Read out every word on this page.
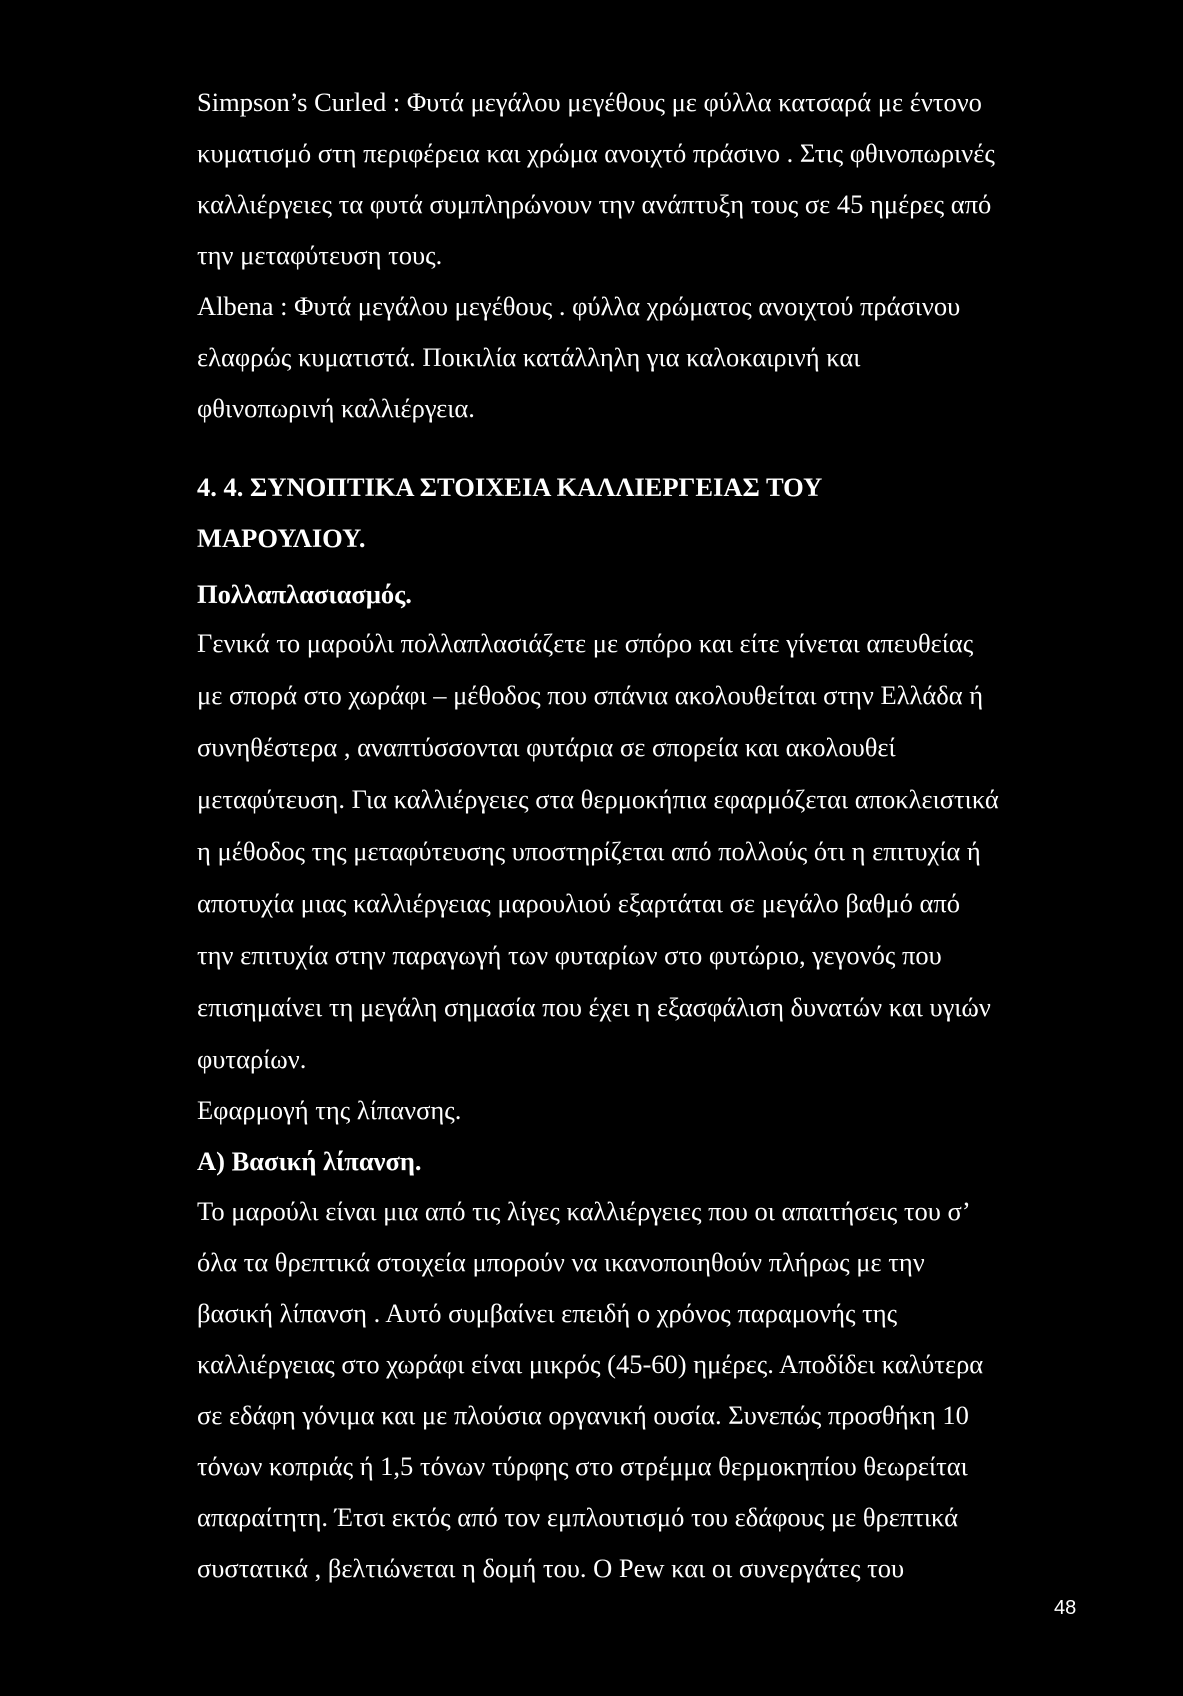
Simpson’s Curled : Φυτά μεγάλου μεγέθους με φύλλα κατσαρά με έντονο
κυματισμό στη περιφέρεια και χρώμα ανοιχτό πράσινο . Στις φθινοπωρινές
καλλιέργειες τα φυτά συμπληρώνουν την ανάπτυξη τους σε 45 ημέρες από
την μεταφύτευση τους.
Albena : Φυτά μεγάλου μεγέθους . φύλλα χρώματος ανοιχτού πράσινου
ελαφρώς κυματιστά. Ποικιλία κατάλληλη για καλοκαιρινή και
φθινοπωρινή καλλιέργεια.
4. 4. ΣΥΝΟΠΤΙΚΑ ΣΤΟΙΧΕΙΑ ΚΑΛΛΙΕΡΓΕΙΑΣ ΤΟΥ
ΜΑΡΟΥΛΙΟΥ.
Πολλαπλασιασμός.
Γενικά το μαρούλι πολλαπλασιάζετε με σπόρο και είτε γίνεται απευθείας
με σπορά στο χωράφι – μέθοδος που σπάνια ακολουθείται στην Ελλάδα ή
συνηθέστερα , αναπτύσσονται φυτάρια σε σπορεία και ακολουθεί
μεταφύτευση. Για καλλιέργειες στα θερμοκήπια εφαρμόζεται αποκλειστικά
η μέθοδος της μεταφύτευσης υποστηρίζεται από πολλούς ότι η επιτυχία ή
αποτυχία μιας καλλιέργειας μαρουλιού εξαρτάται σε μεγάλο βαθμό από
την επιτυχία στην παραγωγή των φυταρίων στο φυτώριο, γεγονός που
επισημαίνει τη μεγάλη σημασία που έχει η εξασφάλιση δυνατών και υγιών
φυταρίων.
Εφαρμογή της λίπανσης.
Α) Βασική λίπανση.
Το μαρούλι είναι μια από τις λίγες καλλιέργειες που οι απαιτήσεις του σ’
όλα τα θρεπτικά στοιχεία μπορούν να ικανοποιηθούν πλήρως με την
βασική λίπανση . Αυτό συμβαίνει επειδή ο χρόνος παραμονής της
καλλιέργειας στο χωράφι είναι μικρός (45-60) ημέρες. Αποδίδει καλύτερα
σε εδάφη γόνιμα και με πλούσια οργανική ουσία. Συνεπώς προσθήκη 10
τόνων κοπριάς ή 1,5 τόνων τύρφης στο στρέμμα θερμοκηπίου θεωρείται
απαραίτητη. Έτσι εκτός από τον εμπλουτισμό του εδάφους με θρεπτικά
συστατικά , βελτιώνεται η δομή του. Ο Pew και οι συνεργάτες του
48
